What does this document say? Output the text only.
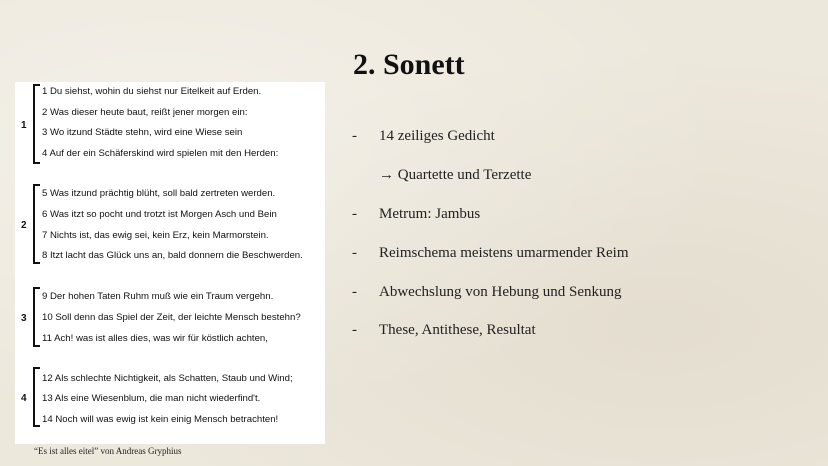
1
1 Du siehst, wohin du siehst nur Eitelkeit auf Erden.
2 Was dieser heute baut, reißt jener morgen ein:
3 Wo itzund Städte stehn, wird eine Wiese sein
4 Auf der ein Schäferskind wird spielen mit den Herden:
2
5 Was itzund prächtig blüht, soll bald zertreten werden.
6 Was itzt so pocht und trotzt ist Morgen Asch und Bein
7 Nichts ist, das ewig sei, kein Erz, kein Marmorstein.
8 Itzt lacht das Glück uns an, bald donnern die Beschwerden.
3
9 Der hohen Taten Ruhm muß wie ein Traum vergehn.
10 Soll denn das Spiel der Zeit, der leichte Mensch bestehn?
11 Ach! was ist alles dies, was wir für köstlich achten,
4
12 Als schlechte Nichtigkeit, als Schatten, Staub und Wind;
13 Als eine Wiesenblum, die man nicht wiederfind't.
14 Noch will was ewig ist kein einig Mensch betrachten!
“Es ist alles eitel” von Andreas Gryphius
2. Sonett
-	14 zeiliges Gedicht
→ Quartette und Terzette
-	Metrum: Jambus
-	Reimschema meistens umarmender Reim
-	Abwechslung von Hebung und Senkung
-	These, Antithese, Resultat
